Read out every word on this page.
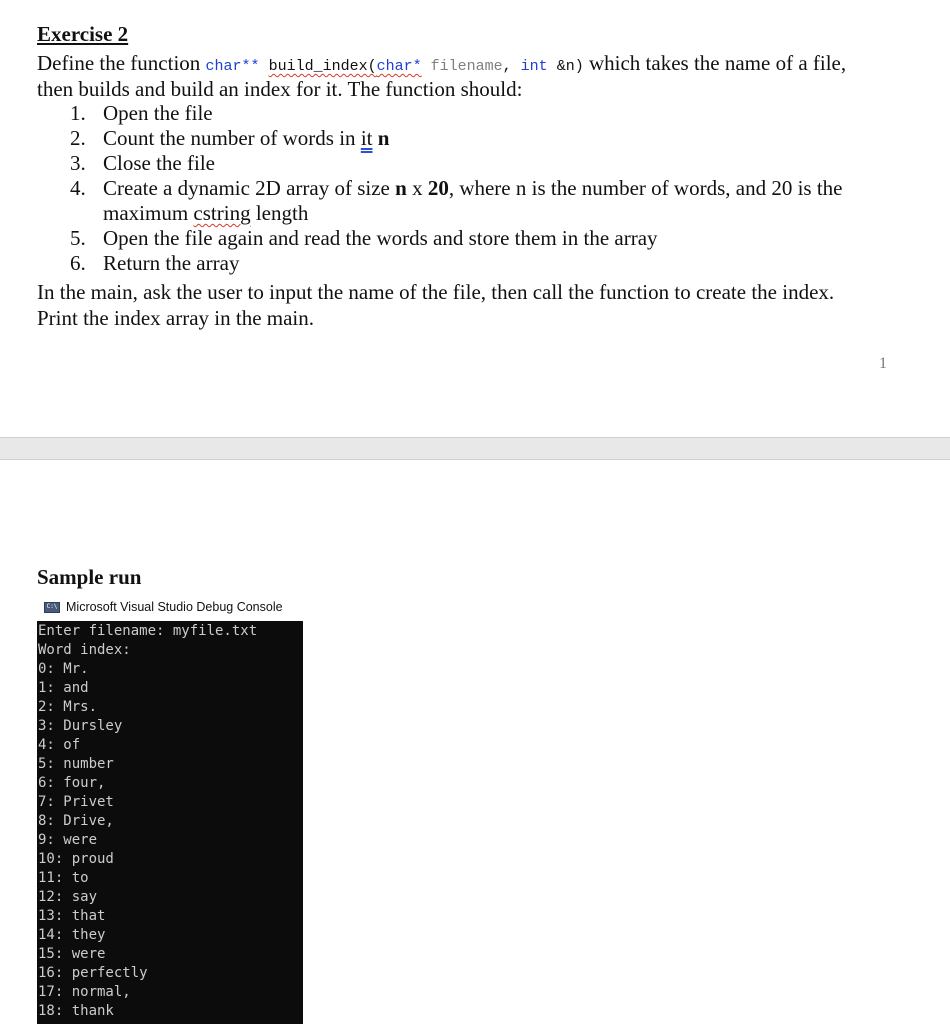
Exercise 2
Define the function char** build_index(char* filename, int &n) which takes the name of a file,
then builds and build an index for it. The function should:
1. Open the file
2. Count the number of words in it n
3. Close the file
4. Create a dynamic 2D array of size n x 20, where n is the number of words, and 20 is the
maximum cstring length
5. Open the file again and read the words and store them in the array
6. Return the array
In the main, ask the user to input the name of the file, then call the function to create the index.
Print the index array in the main.
1
Sample run
C:\ Microsoft Visual Studio Debug Console
Enter filename: myfile.txt
Word index:
0: Mr.
1: and
2: Mrs.
3: Dursley
4: of
5: number
6: four,
7: Privet
8: Drive,
9: were
10: proud
11: to
12: say
13: that
14: they
15: were
16: perfectly
17: normal,
18: thank
